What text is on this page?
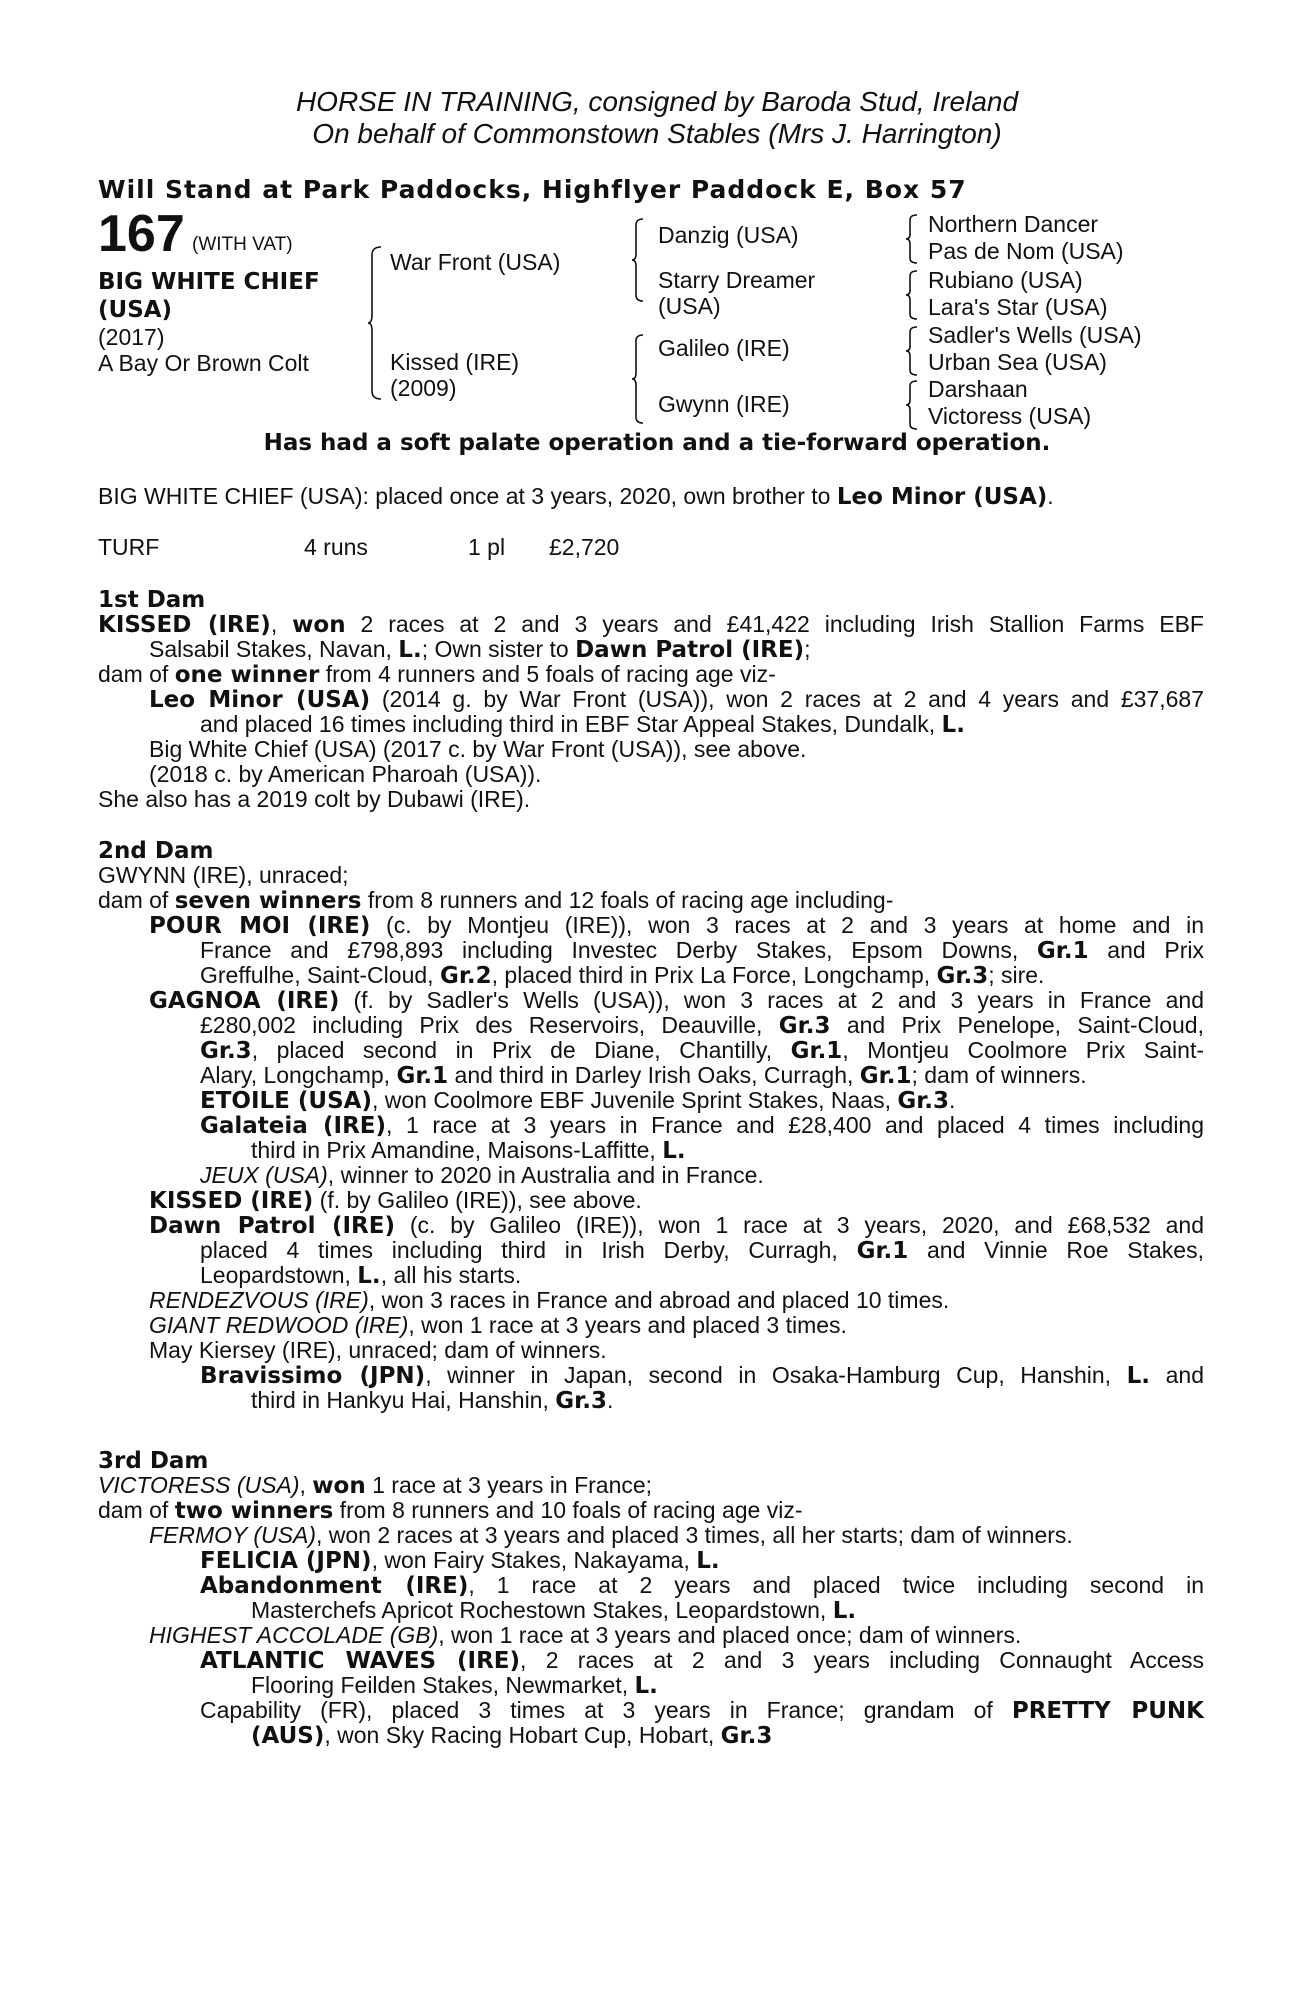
HORSE IN TRAINING, consigned by Baroda Stud, Ireland
On behalf of Commonstown Stables (Mrs J. Harrington)
Will Stand at Park Paddocks, Highflyer Paddock E, Box 57
167 (WITH VAT)
BIG WHITE CHIEF
(USA)
(2017)
A Bay Or Brown Colt
War Front (USA)
Kissed (IRE)
(2009)
Danzig (USA)
Starry Dreamer
(USA)
Galileo (IRE)
Gwynn (IRE)
Northern Dancer
Pas de Nom (USA)
Rubiano (USA)
Lara's Star (USA)
Sadler's Wells (USA)
Urban Sea (USA)
Darshaan
Victoress (USA)
Has had a soft palate operation and a tie-forward operation.
BIG WHITE CHIEF (USA): placed once at 3 years, 2020, own brother to Leo Minor (USA).
TURF	4 runs	1 pl £2,720
1st Dam
KISSED (IRE), won 2 races at 2 and 3 years and £41,422 including Irish Stallion Farms EBF
Salsabil Stakes, Navan, L.; Own sister to Dawn Patrol (IRE);
dam of one winner from 4 runners and 5 foals of racing age viz-
Leo Minor (USA) (2014 g. by War Front (USA)), won 2 races at 2 and 4 years and £37,687
and placed 16 times including third in EBF Star Appeal Stakes, Dundalk, L.
Big White Chief (USA) (2017 c. by War Front (USA)), see above.
(2018 c. by American Pharoah (USA)).
She also has a 2019 colt by Dubawi (IRE).
2nd Dam
GWYNN (IRE), unraced;
dam of seven winners from 8 runners and 12 foals of racing age including-
POUR MOI (IRE) (c. by Montjeu (IRE)), won 3 races at 2 and 3 years at home and in
France and £798,893 including Investec Derby Stakes, Epsom Downs, Gr.1 and Prix
Greffulhe, Saint-Cloud, Gr.2, placed third in Prix La Force, Longchamp, Gr.3; sire.
GAGNOA (IRE) (f. by Sadler's Wells (USA)), won 3 races at 2 and 3 years in France and
£280,002 including Prix des Reservoirs, Deauville, Gr.3 and Prix Penelope, Saint-Cloud,
Gr.3, placed second in Prix de Diane, Chantilly, Gr.1, Montjeu Coolmore Prix Saint-
Alary, Longchamp, Gr.1 and third in Darley Irish Oaks, Curragh, Gr.1; dam of winners.
ETOILE (USA), won Coolmore EBF Juvenile Sprint Stakes, Naas, Gr.3.
Galateia (IRE), 1 race at 3 years in France and £28,400 and placed 4 times including
third in Prix Amandine, Maisons-Laffitte, L.
JEUX (USA), winner to 2020 in Australia and in France.
KISSED (IRE) (f. by Galileo (IRE)), see above.
Dawn Patrol (IRE) (c. by Galileo (IRE)), won 1 race at 3 years, 2020, and £68,532 and
placed 4 times including third in Irish Derby, Curragh, Gr.1 and Vinnie Roe Stakes,
Leopardstown, L., all his starts.
RENDEZVOUS (IRE), won 3 races in France and abroad and placed 10 times.
GIANT REDWOOD (IRE), won 1 race at 3 years and placed 3 times.
May Kiersey (IRE), unraced; dam of winners.
Bravissimo (JPN), winner in Japan, second in Osaka-Hamburg Cup, Hanshin, L. and
third in Hankyu Hai, Hanshin, Gr.3.
3rd Dam
VICTORESS (USA), won 1 race at 3 years in France;
dam of two winners from 8 runners and 10 foals of racing age viz-
FERMOY (USA), won 2 races at 3 years and placed 3 times, all her starts; dam of winners.
FELICIA (JPN), won Fairy Stakes, Nakayama, L.
Abandonment (IRE), 1 race at 2 years and placed twice including second in
Masterchefs Apricot Rochestown Stakes, Leopardstown, L.
HIGHEST ACCOLADE (GB), won 1 race at 3 years and placed once; dam of winners.
ATLANTIC WAVES (IRE), 2 races at 2 and 3 years including Connaught Access
Flooring Feilden Stakes, Newmarket, L.
Capability (FR), placed 3 times at 3 years in France; grandam of PRETTY PUNK
(AUS), won Sky Racing Hobart Cup, Hobart, Gr.3
